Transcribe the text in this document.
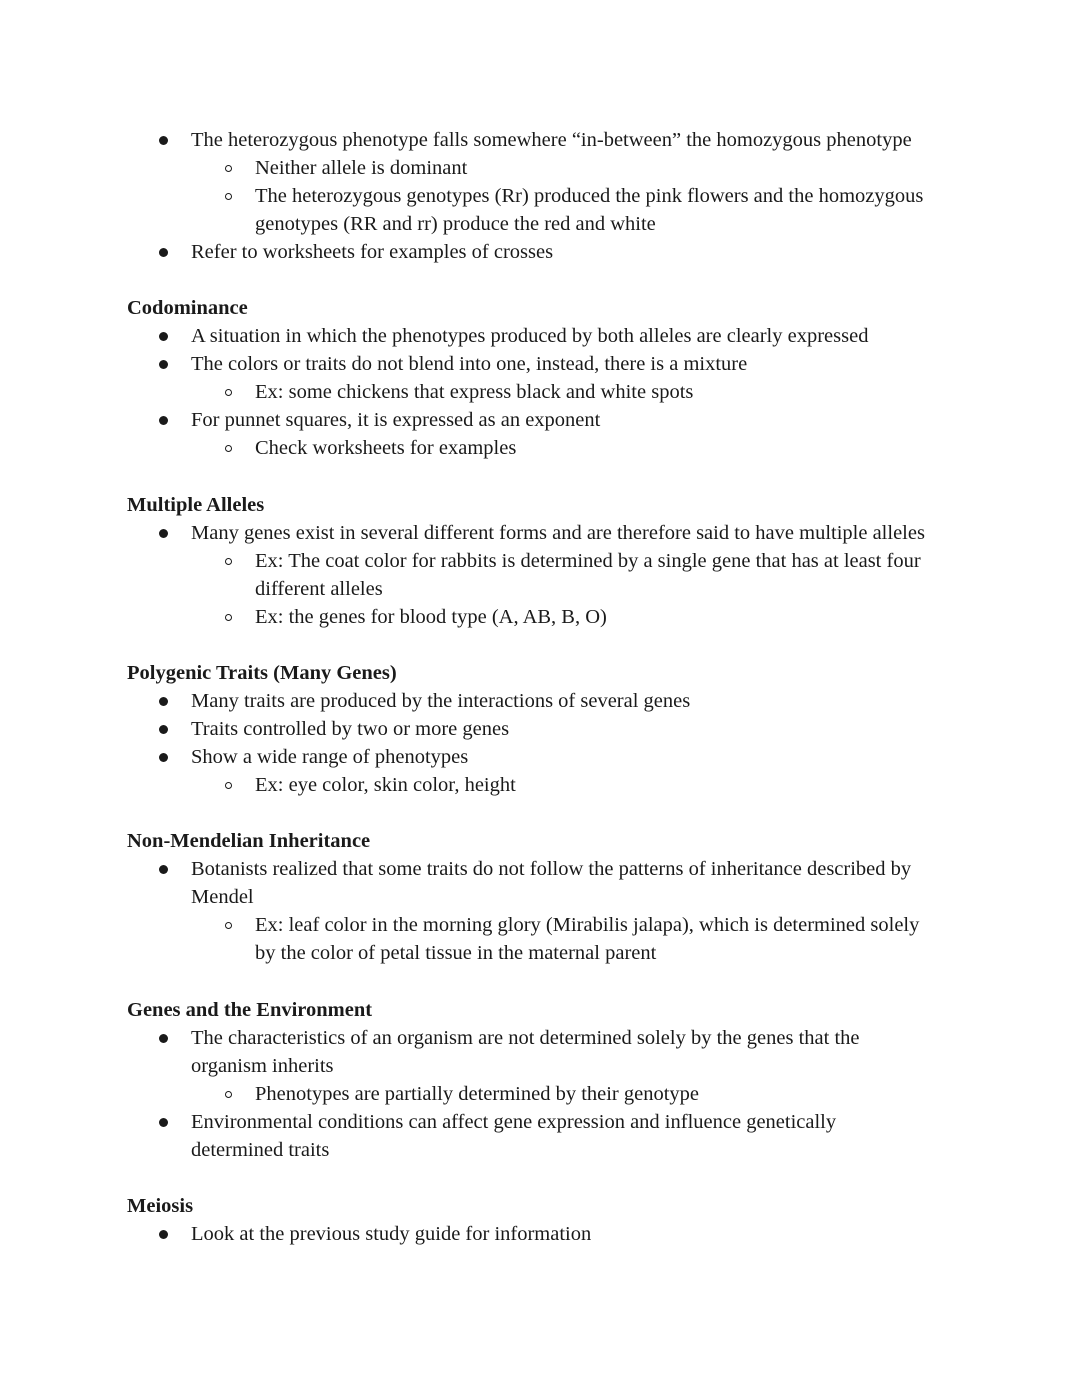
The heterozygous phenotype falls somewhere “in-between” the homozygous phenotype
Neither allele is dominant
The heterozygous genotypes (Rr) produced the pink flowers and the homozygous
genotypes (RR and rr) produce the red and white
Refer to worksheets for examples of crosses
Codominance
A situation in which the phenotypes produced by both alleles are clearly expressed
The colors or traits do not blend into one, instead, there is a mixture
Ex: some chickens that express black and white spots
For punnet squares, it is expressed as an exponent
Check worksheets for examples
Multiple Alleles
Many genes exist in several different forms and are therefore said to have multiple alleles
Ex: The coat color for rabbits is determined by a single gene that has at least four
different alleles
Ex: the genes for blood type (A, AB, B, O)
Polygenic Traits (Many Genes)
Many traits are produced by the interactions of several genes
Traits controlled by two or more genes
Show a wide range of phenotypes
Ex: eye color, skin color, height
Non-Mendelian Inheritance
Botanists realized that some traits do not follow the patterns of inheritance described by
Mendel
Ex: leaf color in the morning glory (Mirabilis jalapa), which is determined solely
by the color of petal tissue in the maternal parent
Genes and the Environment
The characteristics of an organism are not determined solely by the genes that the
organism inherits
Phenotypes are partially determined by their genotype
Environmental conditions can affect gene expression and influence genetically
determined traits
Meiosis
Look at the previous study guide for information
